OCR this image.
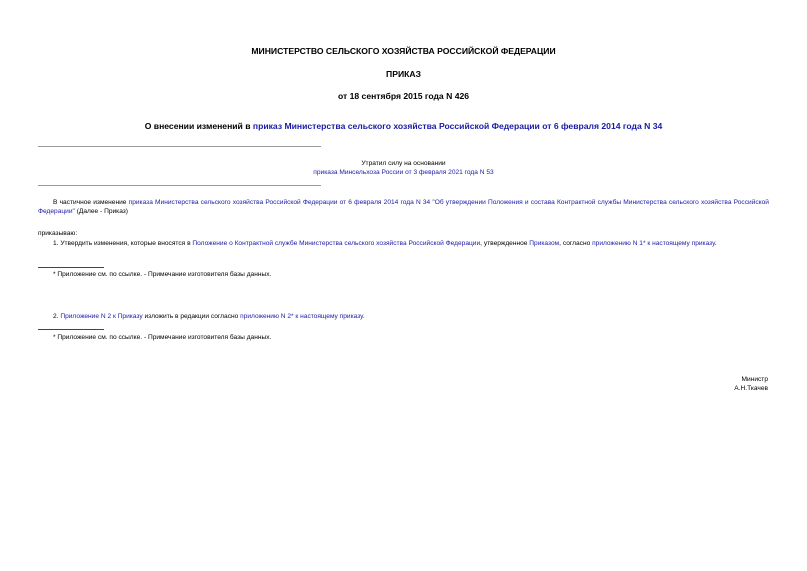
МИНИСТЕРСТВО СЕЛЬСКОГО ХОЗЯЙСТВА РОССИЙСКОЙ ФЕДЕРАЦИИ
ПРИКАЗ
от 18 сентября 2015 года N 426
О внесении изменений в приказ Министерства сельского хозяйства Российской Федерации от 6 февраля 2014 года N 34
Утратил силу на основании
приказа Минсельхоза России от 3 февраля 2021 года N 53
В частичное изменение приказа Министерства сельского хозяйства Российской Федерации от 6 февраля 2014 года N 34 "Об утверждении Положения и состава Контрактной службы Министерства сельского хозяйства Российской Федерации" (Далее - Приказ)
приказываю:
1. Утвердить изменения, которые вносятся в Положение о Контрактной службе Министерства сельского хозяйства Российской Федерации, утвержденное Приказом, согласно приложению N 1* к настоящему приказу.
* Приложение см. по ссылке. - Примечание изготовителя базы данных.
2. Приложение N 2 к Приказу изложить в редакции согласно приложению N 2* к настоящему приказу.
* Приложение см. по ссылке. - Примечание изготовителя базы данных.
Министр
А.Н.Ткачев
